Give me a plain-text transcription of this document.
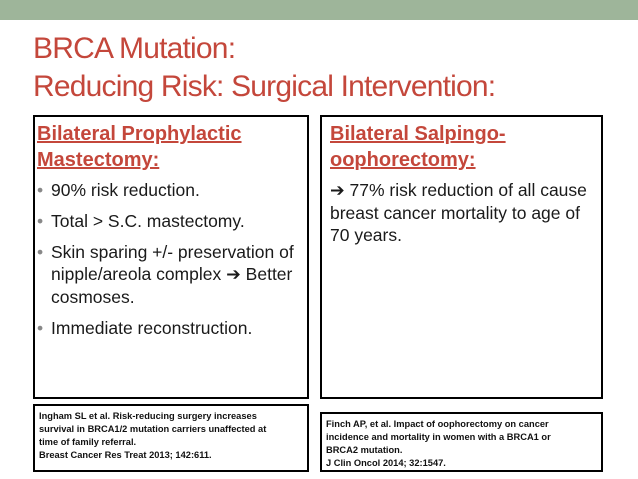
BRCA Mutation:
Reducing Risk: Surgical Intervention:
Bilateral Prophylactic
Mastectomy:
• 90% risk reduction.
• Total > S.C. mastectomy.
• Skin sparing +/- preservation of nipple/areola complex ➔ Better cosmoses.
• Immediate reconstruction.
Bilateral Salpingo-
oophorectomy:
➔ 77% risk reduction of all cause breast cancer mortality to age of 70 years.
Ingham SL et al. Risk-reducing surgery increases
survival in BRCA1/2 mutation carriers unaffected at
time of family referral.
Breast Cancer Res Treat 2013; 142:611.
Finch AP, et al. Impact of oophorectomy on cancer
incidence and mortality in women with a BRCA1 or
BRCA2 mutation.
J Clin Oncol 2014; 32:1547.
